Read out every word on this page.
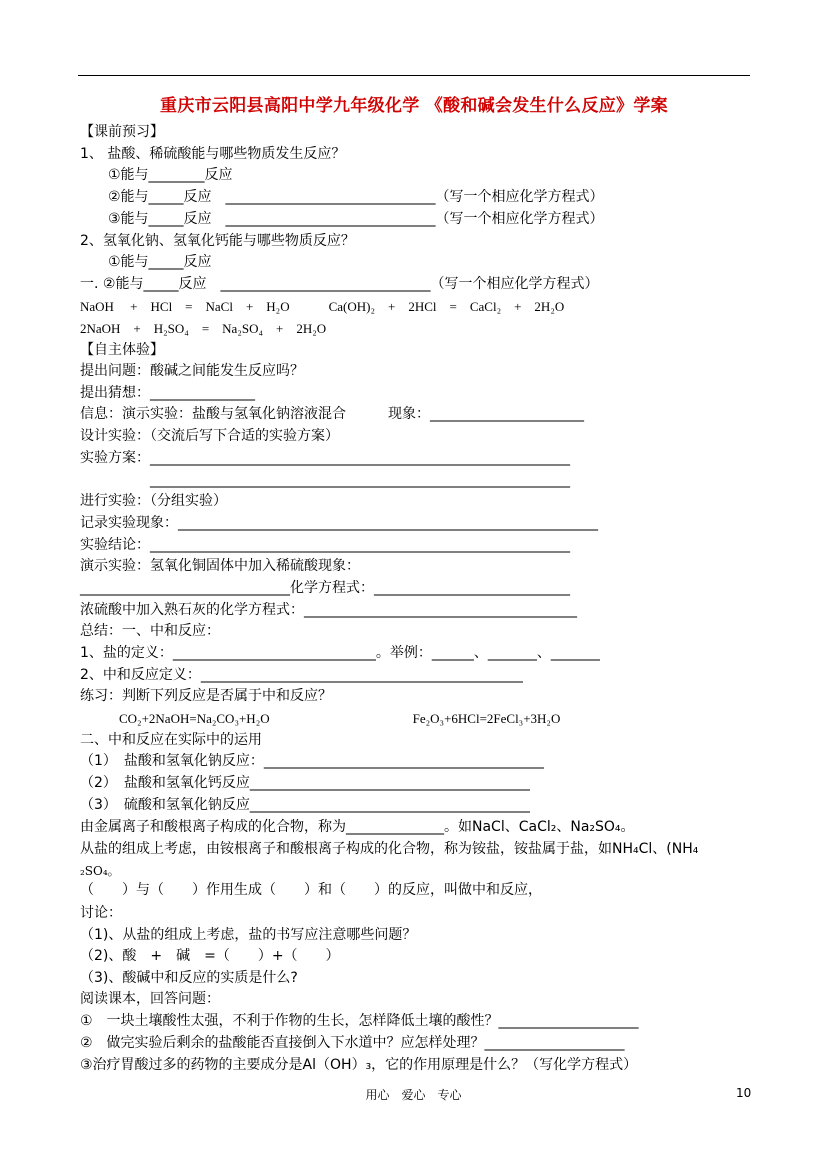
重庆市云阳县高阳中学九年级化学 《酸和碱会发生什么反应》学案
【课前预习】
1、 盐酸、稀硫酸能与哪些物质发生反应？
　　①能与________反应
　　②能与_____反应　______________________________（写一个相应化学方程式）
　　③能与_____反应　______________________________（写一个相应化学方程式）
2、氢氧化钠、氢氧化钙能与哪些物质反应？
　　①能与_____反应
一. ②能与_____反应　______________________________（写一个相应化学方程式）
NaOH　 +　HCl　=　NaCl　+　H₂O　　　Ca(OH)₂　+　2HCl　=　CaCl₂　+　2H₂O
2NaOH　+　H₂SO₄　=　Na₂SO₄　+　2H₂O
【自主体验】
提出问题：酸碱之间能发生反应吗？
提出猜想：_______________
信息：演示实验：盐酸与氢氧化钠溶液混合　　　现象：______________________
设计实验：（交流后写下合适的实验方案）
实验方案：____________________________________________________________
　　　　　____________________________________________________________
进行实验：（分组实验）
记录实验现象：____________________________________________________________
实验结论：____________________________________________________________
演示实验：氢氧化铜固体中加入稀硫酸现象：
______________________________化学方程式：____________________________
浓硫酸中加入熟石灰的化学方程式：_______________________________________
总结：一、中和反应：
1、盐的定义：_____________________________。举例：______、_______、_______
2、中和反应定义：______________________________________________
练习：判断下列反应是否属于中和反应？
　　　CO₂+2NaOH=Na₂CO₃+H₂O　　　　　　　　　　　Fe₂O₃+6HCl=2FeCl₃+3H₂O
二、中和反应在实际中的运用
（1）　盐酸和氢氧化钠反应：________________________________________
（2）　盐酸和氢氧化钙反应________________________________________
（3）　硫酸和氢氧化钠反应________________________________________
由金属离子和酸根离子构成的化合物，称为______________。如NaCl、CaCl₂、Na₂SO₄。
从盐的组成上考虑，由铵根离子和酸根离子构成的化合物，称为铵盐，铵盐属于盐，如NH₄Cl、(NH₄
₂SO₄。
（　　）与（　　）作用生成（　　）和（　　）的反应，叫做中和反应，
讨论：
（1)、从盐的组成上考虑，盐的书写应注意哪些问题？
（2)、酸　+　碱　=（　　）+（　　）
（3)、酸碱中和反应的实质是什么?
阅读课本，回答问题：
①　一块土壤酸性太强，不利于作物的生长，怎样降低土壤的酸性？____________________
②　做完实验后剩余的盐酸能否直接倒入下水道中？应怎样处理？____________________
③治疗胃酸过多的药物的主要成分是Al（OH）₃，它的作用原理是什么？（写化学方程式）
用心　爱心　专心	10
